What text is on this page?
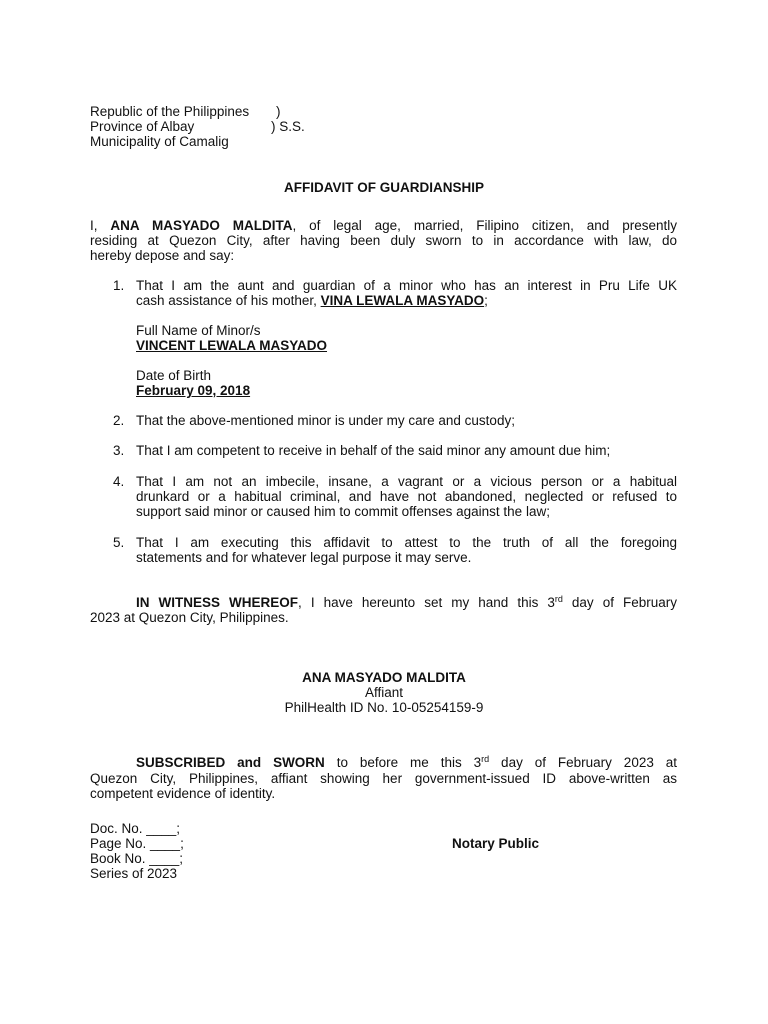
Republic of the Philippines )
Province of Albay	) S.S.
Municipality of Camalig
AFFIDAVIT OF GUARDIANSHIP
I, ANA MASYADO MALDITA, of legal age, married, Filipino citizen, and presently
residing at Quezon City, after having been duly sworn to in accordance with law, do
hereby depose and say:
1. That I am the aunt and guardian of a minor who has an interest in Pru Life UK
cash assistance of his mother, VINA LEWALA MASYADO;
Full Name of Minor/s
VINCENT LEWALA MASYADO
Date of Birth
February 09, 2018
2. That the above-mentioned minor is under my care and custody;
3. That I am competent to receive in behalf of the said minor any amount due him;
4. That I am not an imbecile, insane, a vagrant or a vicious person or a habitual
drunkard or a habitual criminal, and have not abandoned, neglected or refused to
support said minor or caused him to commit offenses against the law;
5. That I am executing this affidavit to attest to the truth of all the foregoing
statements and for whatever legal purpose it may serve.
IN WITNESS WHEREOF, I have hereunto set my hand this 3rd day of February
2023 at Quezon City, Philippines.
ANA MASYADO MALDITA
Affiant
PhilHealth ID No. 10-05254159-9
SUBSCRIBED and SWORN to before me this 3rd day of February 2023 at
Quezon City, Philippines, affiant showing her government-issued ID above-written as
competent evidence of identity.
Doc. No. ____;
Page No. ____;
Book No. ____;
Series of 2023
Notary Public
